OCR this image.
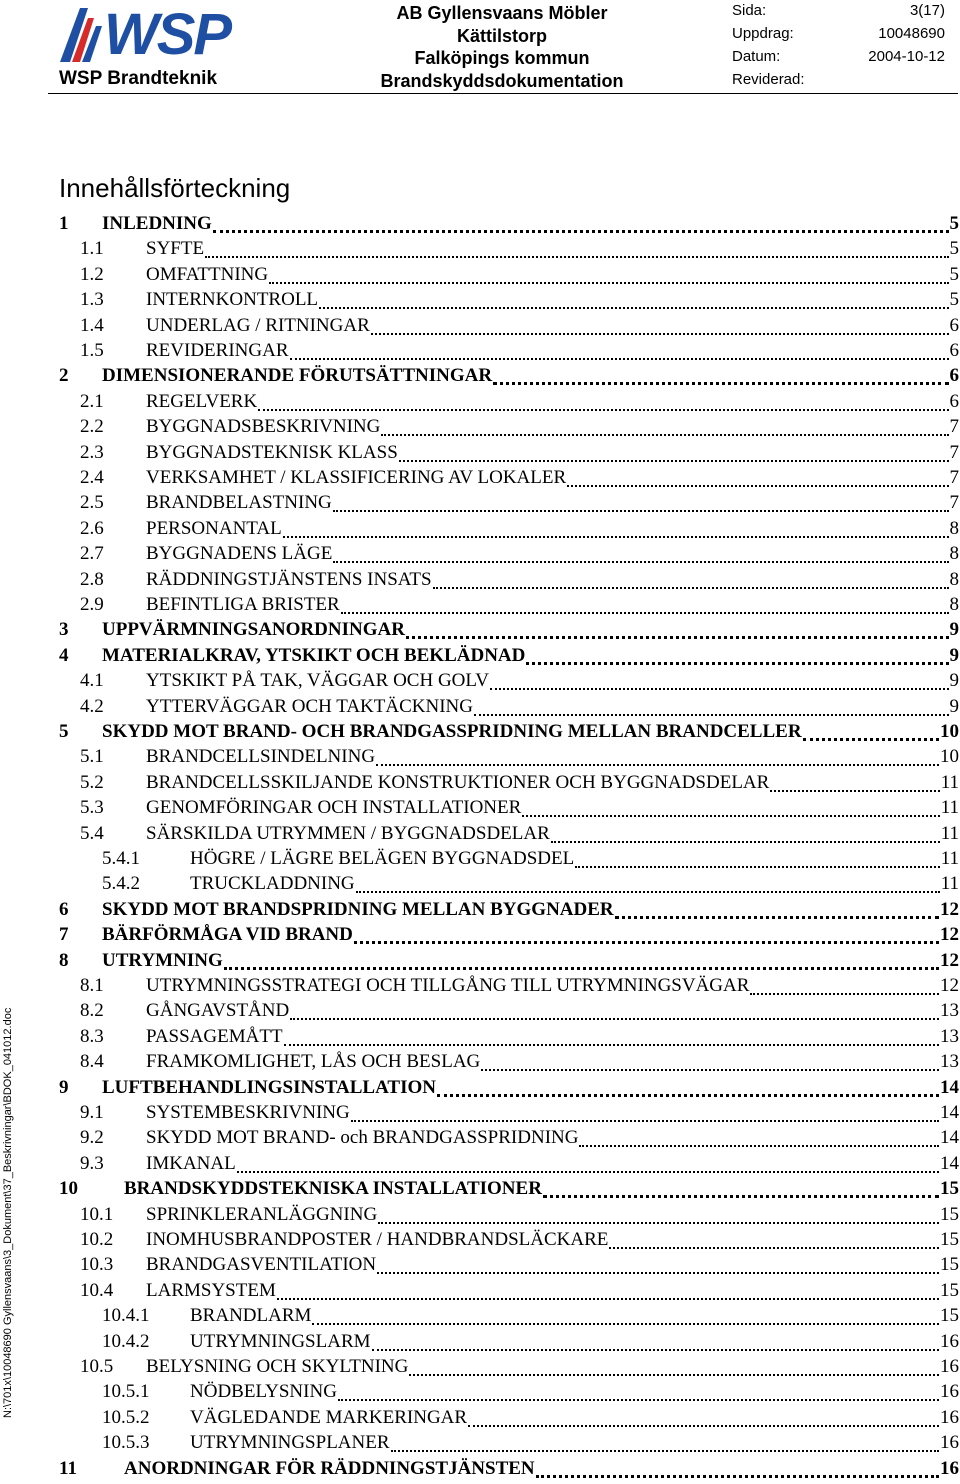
WSP
WSP Brandteknik
AB Gyllensvaans Möbler
Kättilstorp
Falköpings kommun
Brandskyddsdokumentation
Sida:	3(17)
Uppdrag:	10048690
Datum:	2004-10-12
Reviderad:
N:\701x\10048690 Gyllensvaans\3_Dokument\37_Beskrivningar\BDOK_041012.doc
Innehållsförteckning
1	INLEDNING	5
1.1	SYFTE	5
1.2	OMFATTNING	5
1.3	INTERNKONTROLL	5
1.4	UNDERLAG / RITNINGAR	6
1.5	REVIDERINGAR	6
2	DIMENSIONERANDE FÖRUTSÄTTNINGAR	6
2.1	REGELVERK	6
2.2	BYGGNADSBESKRIVNING	7
2.3	BYGGNADSTEKNISK KLASS	7
2.4	VERKSAMHET / KLASSIFICERING AV LOKALER	7
2.5	BRANDBELASTNING	7
2.6	PERSONANTAL	8
2.7	BYGGNADENS LÄGE	8
2.8	RÄDDNINGSTJÄNSTENS INSATS	8
2.9	BEFINTLIGA BRISTER	8
3	UPPVÄRMNINGSANORDNINGAR	9
4	MATERIALKRAV, YTSKIKT OCH BEKLÄDNAD	9
4.1	YTSKIKT PÅ TAK, VÄGGAR OCH GOLV	9
4.2	YTTERVÄGGAR OCH TAKTÄCKNING	9
5	SKYDD MOT BRAND- OCH BRANDGASSPRIDNING MELLAN BRANDCELLER	10
5.1	BRANDCELLSINDELNING	10
5.2	BRANDCELLSSKILJANDE KONSTRUKTIONER OCH BYGGNADSDELAR	11
5.3	GENOMFÖRINGAR OCH INSTALLATIONER	11
5.4	SÄRSKILDA UTRYMMEN / BYGGNADSDELAR	11
5.4.1	HÖGRE / LÄGRE BELÄGEN BYGGNADSDEL	11
5.4.2	TRUCKLADDNING	11
6	SKYDD MOT BRANDSPRIDNING MELLAN BYGGNADER	12
7	BÄRFÖRMÅGA VID BRAND	12
8	UTRYMNING	12
8.1	UTRYMNINGSSTRATEGI OCH TILLGÅNG TILL UTRYMNINGSVÄGAR	12
8.2	GÅNGAVSTÅND	13
8.3	PASSAGEMÅTT	13
8.4	FRAMKOMLIGHET, LÅS OCH BESLAG	13
9	LUFTBEHANDLINGSINSTALLATION	14
9.1	SYSTEMBESKRIVNING	14
9.2	SKYDD MOT BRAND- och BRANDGASSPRIDNING	14
9.3	IMKANAL	14
10	BRANDSKYDDSTEKNISKA INSTALLATIONER	15
10.1	SPRINKLERANLÄGGNING	15
10.2	INOMHUSBRANDPOSTER / HANDBRANDSLÄCKARE	15
10.3	BRANDGASVENTILATION	15
10.4	LARMSYSTEM	15
10.4.1	BRANDLARM	15
10.4.2	UTRYMNINGSLARM	16
10.5	BELYSNING OCH SKYLTNING	16
10.5.1	NÖDBELYSNING	16
10.5.2	VÄGLEDANDE MARKERINGAR	16
10.5.3	UTRYMNINGSPLANER	16
11	ANORDNINGAR FÖR RÄDDNINGSTJÄNSTEN	16
